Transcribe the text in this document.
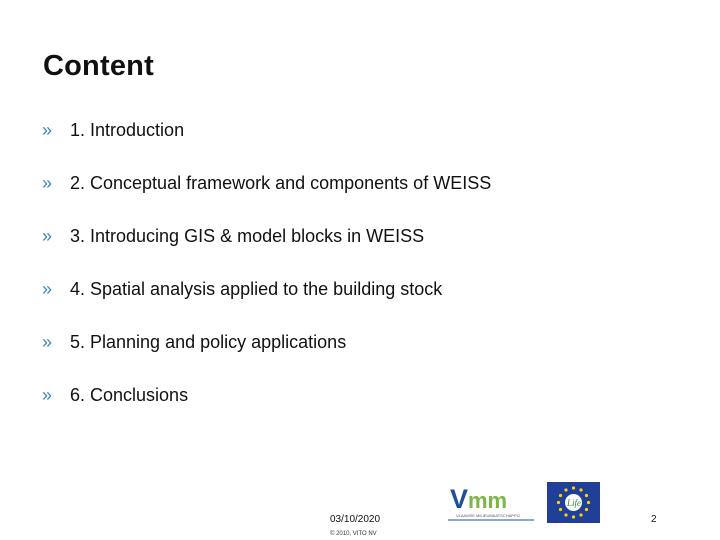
Content
» 1. Introduction
» 2. Conceptual framework and components of WEISS
» 3. Introducing GIS & model blocks in WEISS
» 4. Spatial analysis applied to the building stock
» 5. Planning and policy applications
» 6. Conclusions
03/10/2020
© 2010, VITO NV
V mm
VLAAMSE MILIEUMAATSCHAPPIJ
Life
2
